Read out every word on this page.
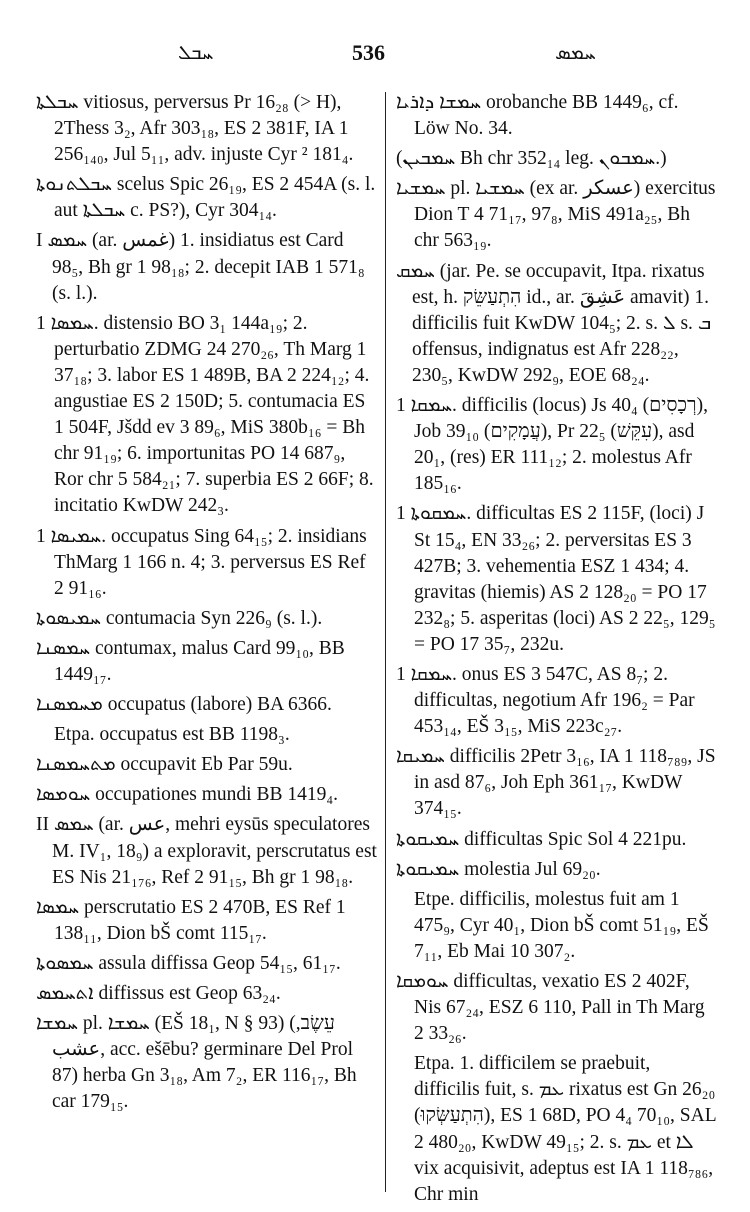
ܚܒܠ	536	ܚܡܣ
ܚܒܠܬܐ vitiosus, perversus Pr 16₂₈ (> H), 2Thess 3₂, Afr 303₁₈, ES 2 381F, IA 1 256₁₄₀, Jul 5₁₁, adv. injuste Cyr ² 181₄.
ܚܒܠܬܢܘܬܐ scelus Spic 26₁₉, ES 2 454A (s. l. aut ܚܒܠܬܐ c. PS?), Cyr 304₁₄.
I ܚܡܣ (ar. غمس) 1. insidiatus est Card 98₅, Bh gr 1 98₁₈; 2. decepit IAB 1 571₈ (s. l.).
ܚܡܣܐ 1. distensio BO 3₁ 144a₁₉; 2. perturbatio ZDMG 24 270₂₆, Th Marg 1 37₁₈; 3. labor ES 1 489B, BA 2 224₁₂; 4. angustiae ES 2 150D; 5. contumacia ES 1 504F, Jšdd ev 3 89₆, MiS 380b₁₆ = Bh chr 91₁₉; 6. importunitas PO 14 687₉, Ror chr 5 584₂₁; 7. superbia ES 2 66F; 8. incitatio KwDW 242₃.
ܚܡܝܣܐ 1. occupatus Sing 64₁₅; 2. insidians ThMarg 1 166 n. 4; 3. perversus ES Ref 2 91₁₆.
ܚܡܝܣܘܬܐ contumacia Syn 226₉ (s. l.).
ܚܡܣܢܐ contumax, malus Card 99₁₀, BB 1449₁₇.
ܡܚܡܣܢܐ occupatus (labore) BA 6366.
Etpa. occupatus est BB 1198₃.
ܡܬܚܡܣܢܐ occupavit Eb Par 59u.
ܚܘܡܣܐ occupationes mundi BB 1419₄.
II ܚܡܣ (ar. عس, mehri eysūs speculatores M. IV₁, 18₉) a exploravit, perscrutatus est ES Nis 21₁₇₆, Ref 2 91₁₅, Bh gr 1 98₁₈.
ܚܡܣܐ perscrutatio ES 2 470B, ES Ref 1 138₁₁, Dion bŠ comt 115₁₇.
ܚܡܣܘܬܐ assula diffissa Geop 54₁₅, 61₁₇.
ܐܬܚܡܣ diffissus est Geop 63₂₄.
ܚܡܫܐ pl. ܚܡܫܐ (EŠ 18₁, N § 93) (עֵשֶׂב, عشب, acc. ešēbu? germinare Del Prol 87) herba Gn 3₁₈, Am 7₂, ER 116₁₇, Bh car 179₁₅.
ܚܡܫܐ ܕܐܪܝܐ orobanche BB 1449₆, cf. Löw No. 34.
(ܚܡܒܝܢ Bh chr 352₁₄ leg. ܚܡܒܘܢ.)
ܚܡܫܝܐ pl. ܚܡܫܝܐ (ex ar. عسكر) exercitus Dion T 4 71₁₇, 97₈, MiS 491a₂₅, Bh chr 563₁₉.
ܚܡܩ (jar. Pe. se occupavit, Itpa. rixatus est, h. הִתְעַשֵּׂק id., ar. عَشِقَ amavit) 1. difficilis fuit KwDW 104₅; 2. s. ܠ s. ܒ offensus, indignatus est Afr 228₂₂, 230₅, KwDW 292₉, EOE 68₂₄.
ܚܡܩܐ 1. difficilis (locus) Js 40₄ (רְכָסִים), Job 39₁₀ (עֲמָקִים), Pr 22₅ (עִקֵּשׁ), asd 20₁, (res) ER 111₁₂; 2. molestus Afr 185₁₆.
ܚܡܩܘܬܐ 1. difficultas ES 2 115F, (loci) J St 15₄, EN 33₂₆; 2. perversitas ES 3 427B; 3. vehementia ESZ 1 434; 4. gravitas (hiemis) AS 2 128₂₀ = PO 17 232₈; 5. asperitas (loci) AS 2 22₅, 129₅ = PO 17 35₇, 232u.
ܚܡܩܐ 1. onus ES 3 547C, AS 8₇; 2. difficultas, negotium Afr 196₂ = Par 453₁₄, EŠ 3₁₅, MiS 223c₂₇.
ܚܡܝܩܐ difficilis 2Petr 3₁₆, IA 1 118₇₈₉, JS in asd 87₆, Joh Eph 361₁₇, KwDW 374₁₅.
ܚܡܝܩܘܬܐ difficultas Spic Sol 4 221pu.
ܚܡܝܩܘܬܐ molestia Jul 69₂₀.
Etpe. difficilis, molestus fuit am 1 475₉, Cyr 40₁, Dion bŠ comt 51₁₉, EŠ 7₁₁, Eb Mai 10 307₂.
ܚܘܡܩܐ difficultas, vexatio ES 2 402F, Nis 67₂₄, ESZ 6 110, Pall in Th Marg 2 33₂₆.
Etpa. 1. difficilem se praebuit, difficilis fuit, s. ܥܡ rixatus est Gn 26₂₀ (הִתְעַשְּׂקוּ), ES 1 68D, PO 4₄ 70₁₀, SAL 2 480₂₀, KwDW 49₁₅; 2. s. ܥܡ et ܠܐ vix acquisivit, adeptus est IA 1 118₇₈₆, Chr min
